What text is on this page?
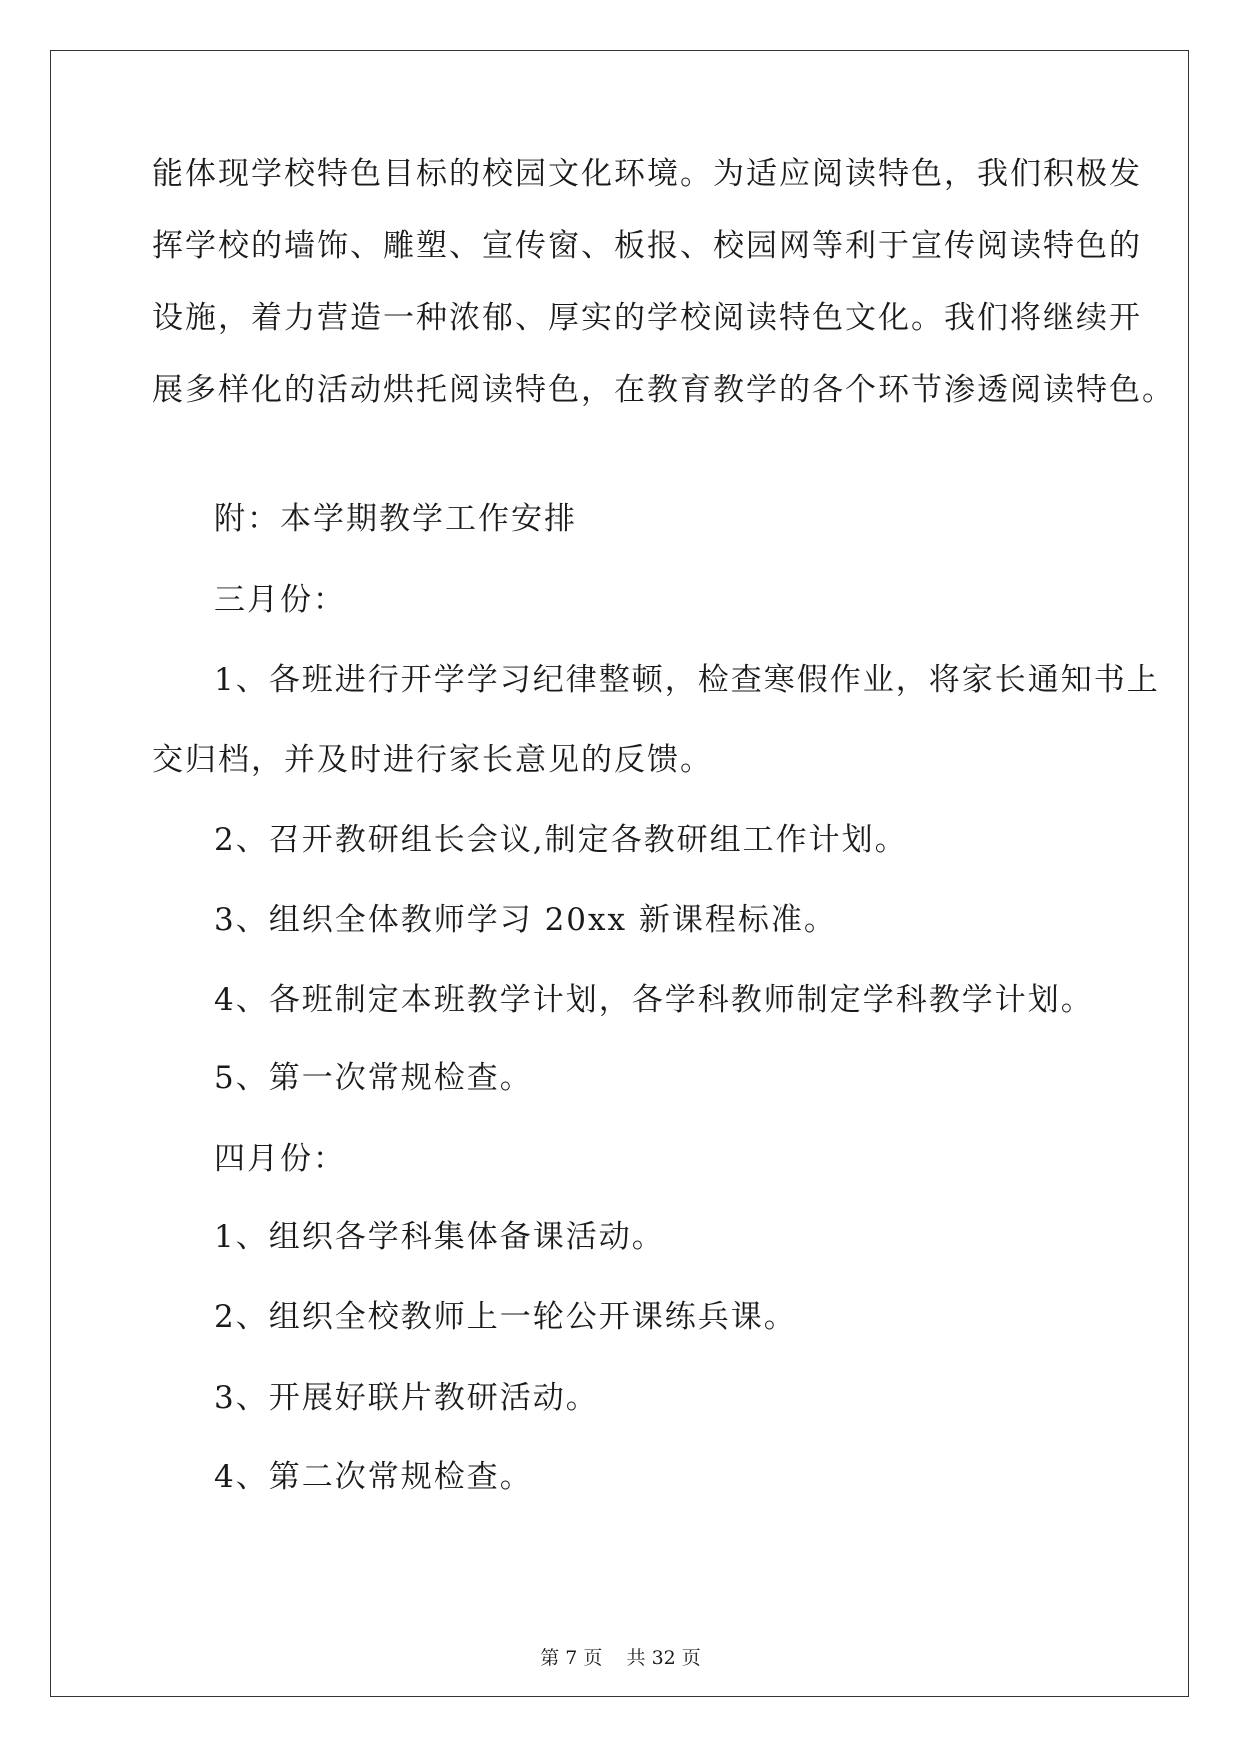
能体现学校特色目标的校园文化环境。为适应阅读特色，我们积极发
挥学校的墙饰、雕塑、宣传窗、板报、校园网等利于宣传阅读特色的
设施，着力营造一种浓郁、厚实的学校阅读特色文化。我们将继续开
展多样化的活动烘托阅读特色，在教育教学的各个环节渗透阅读特色。
附：本学期教学工作安排
三月份：
1、各班进行开学学习纪律整顿，检查寒假作业，将家长通知书上
交归档，并及时进行家长意见的反馈。
2、召开教研组长会议,制定各教研组工作计划。
3、组织全体教师学习 20xx 新课程标准。
4、各班制定本班教学计划，各学科教师制定学科教学计划。
5、第一次常规检查。
四月份：
1、组织各学科集体备课活动。
2、组织全校教师上一轮公开课练兵课。
3、开展好联片教研活动。
4、第二次常规检查。
第 7 页    共 32 页
